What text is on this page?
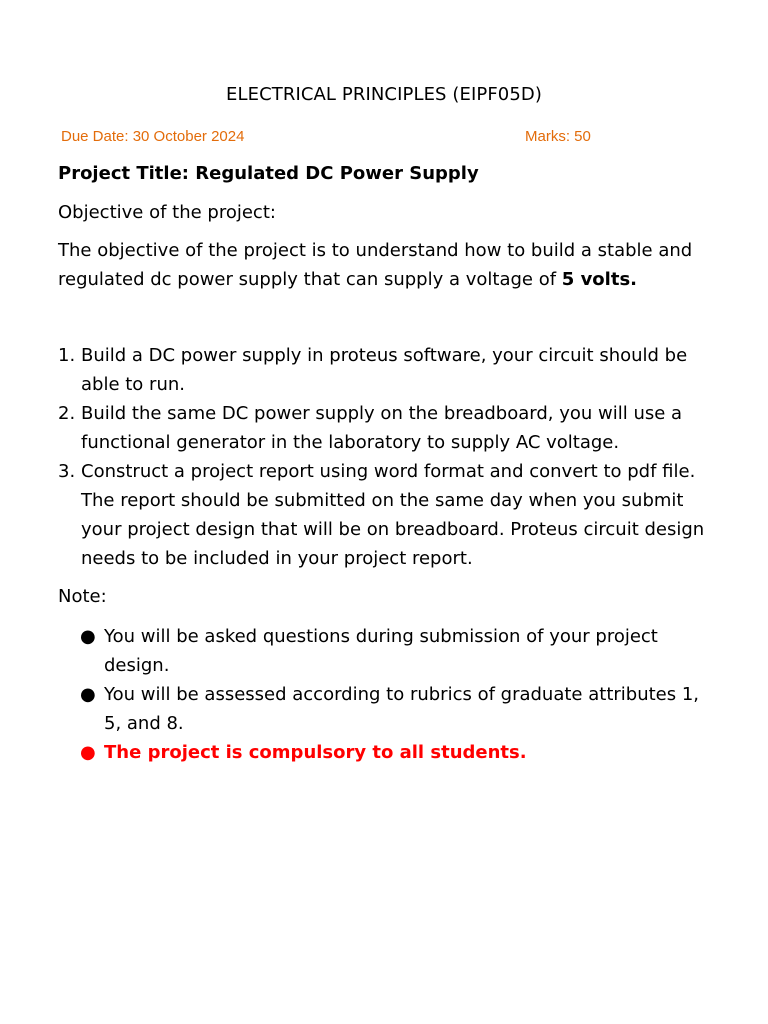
ELECTRICAL PRINCIPLES (EIPF05D)
Due Date: 30 October 2024	Marks: 50
Project Title: Regulated DC Power Supply
Objective of the project:
The objective of the project is to understand how to build a stable and regulated dc power supply that can supply a voltage of 5 volts.
1. Build a DC power supply in proteus software, your circuit should be able to run.
2. Build the same DC power supply on the breadboard, you will use a functional generator in the laboratory to supply AC voltage.
3. Construct a project report using word format and convert to pdf file. The report should be submitted on the same day when you submit your project design that will be on breadboard. Proteus circuit design needs to be included in your project report.
Note:
● You will be asked questions during submission of your project design.
● You will be assessed according to rubrics of graduate attributes 1, 5, and 8.
● The project is compulsory to all students.
